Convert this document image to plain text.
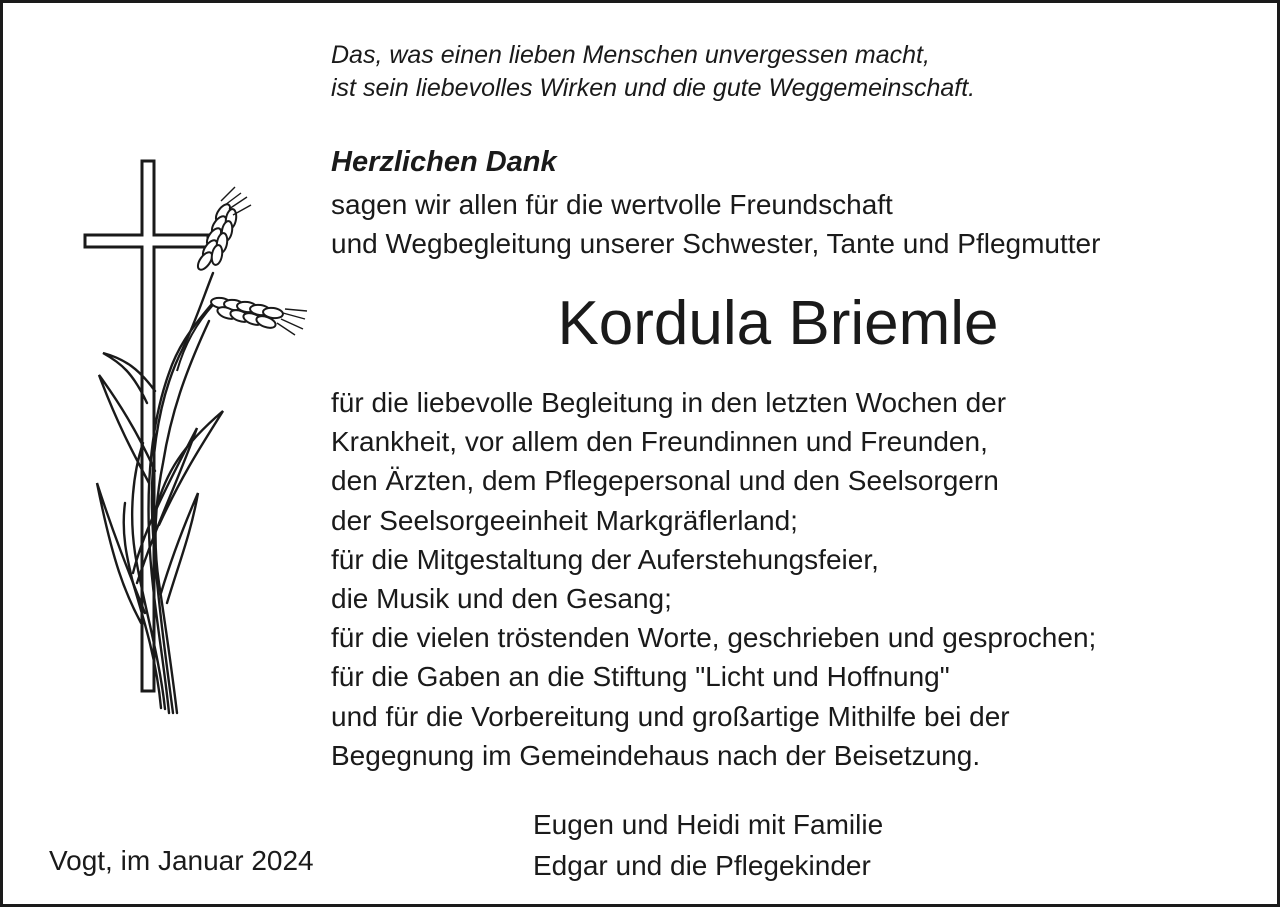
Das, was einen lieben Menschen unvergessen macht,
ist sein liebevolles Wirken und die gute Weggemeinschaft.
Herzlichen Dank
sagen wir allen für die wertvolle Freundschaft
und Wegbegleitung unserer Schwester, Tante und Pflegmutter
Kordula Briemle
für die liebevolle Begleitung in den letzten Wochen der
Krankheit, vor allem den Freundinnen und Freunden,
den Ärzten, dem Pflegepersonal und den Seelsorgern
der Seelsorgeeinheit Markgräflerland;
für die Mitgestaltung der Auferstehungsfeier,
die Musik und den Gesang;
für die vielen tröstenden Worte, geschrieben und gesprochen;
für die Gaben an die Stiftung "Licht und Hoffnung"
und für die Vorbereitung und großartige Mithilfe bei der
Begegnung im Gemeindehaus nach der Beisetzung.
Eugen und Heidi mit Familie
Edgar und die Pflegekinder
Vogt, im Januar 2024
